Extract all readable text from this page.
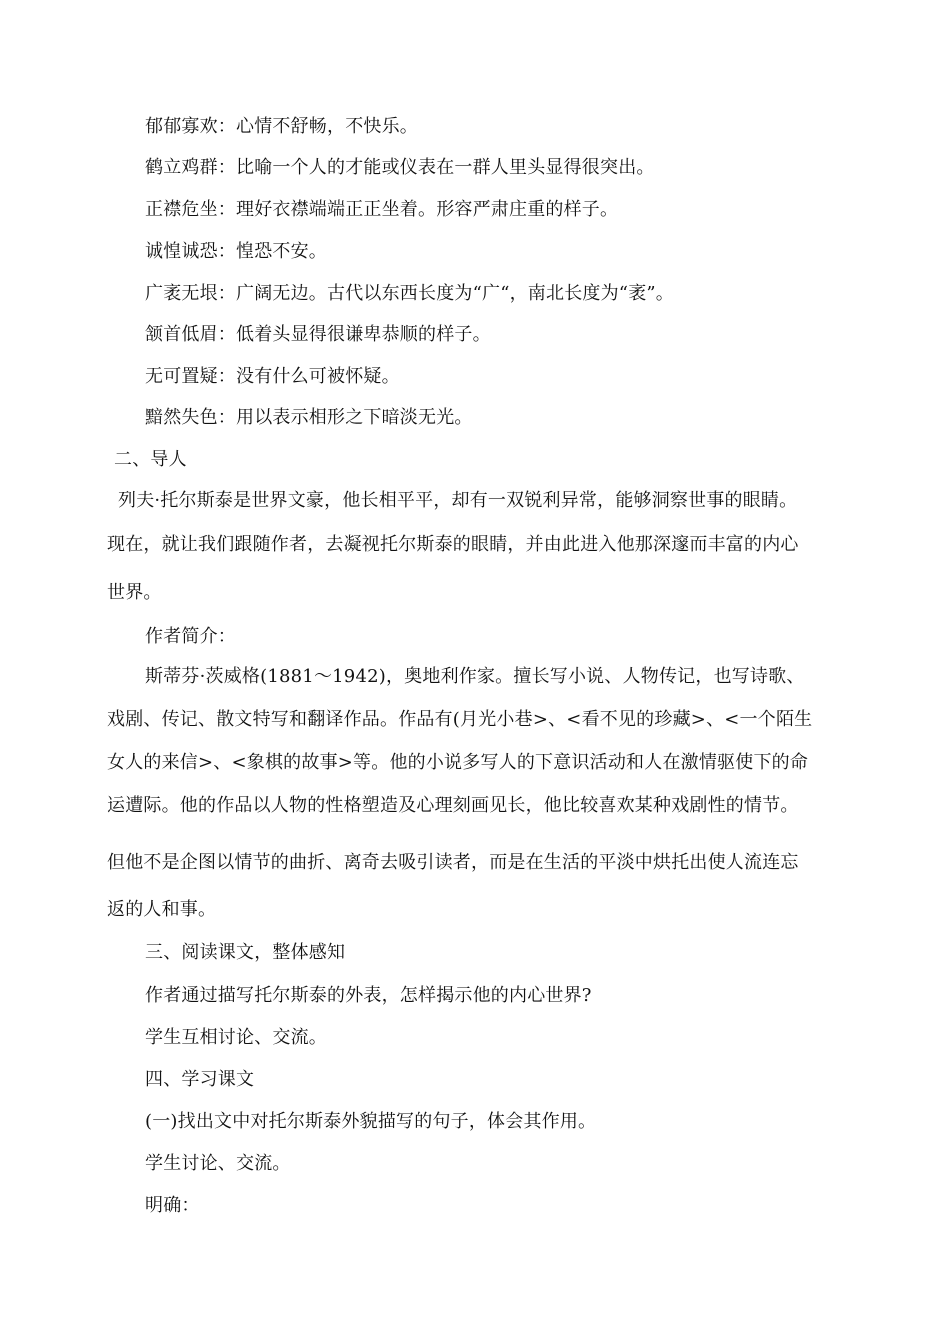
郁郁寡欢：心情不舒畅，不快乐。
鹤立鸡群：比喻一个人的才能或仪表在一群人里头显得很突出。
正襟危坐：理好衣襟端端正正坐着。形容严肃庄重的样子。
诚惶诚恐：惶恐不安。
广袤无垠：广阔无边。古代以东西长度为“广“，南北长度为“袤”。
颔首低眉：低着头显得很谦卑恭顺的样子。
无可置疑：没有什么可被怀疑。
黯然失色：用以表示相形之下暗淡无光。
二、导人
列夫·托尔斯泰是世界文豪，他长相平平，却有一双锐利异常，能够洞察世事的眼睛。
现在，就让我们跟随作者，去凝视托尔斯泰的眼睛，并由此进入他那深邃而丰富的内心
世界。
作者简介：
斯蒂芬·茨威格(1881～1942)，奥地利作家。擅长写小说、人物传记，也写诗歌、
戏剧、传记、散文特写和翻译作品。作品有(月光小巷>、<看不见的珍藏>、<一个陌生
女人的来信>、<象棋的故事>等。他的小说多写人的下意识活动和人在激情驱使下的命
运遭际。他的作品以人物的性格塑造及心理刻画见长，他比较喜欢某种戏剧性的情节。
但他不是企图以情节的曲折、离奇去吸引读者，而是在生活的平淡中烘托出使人流连忘
返的人和事。
三、阅读课文，整体感知
作者通过描写托尔斯泰的外表，怎样揭示他的内心世界?
学生互相讨论、交流。
四、学习课文
(一)找出文中对托尔斯泰外貌描写的句子，体会其作用。
学生讨论、交流。
明确：
